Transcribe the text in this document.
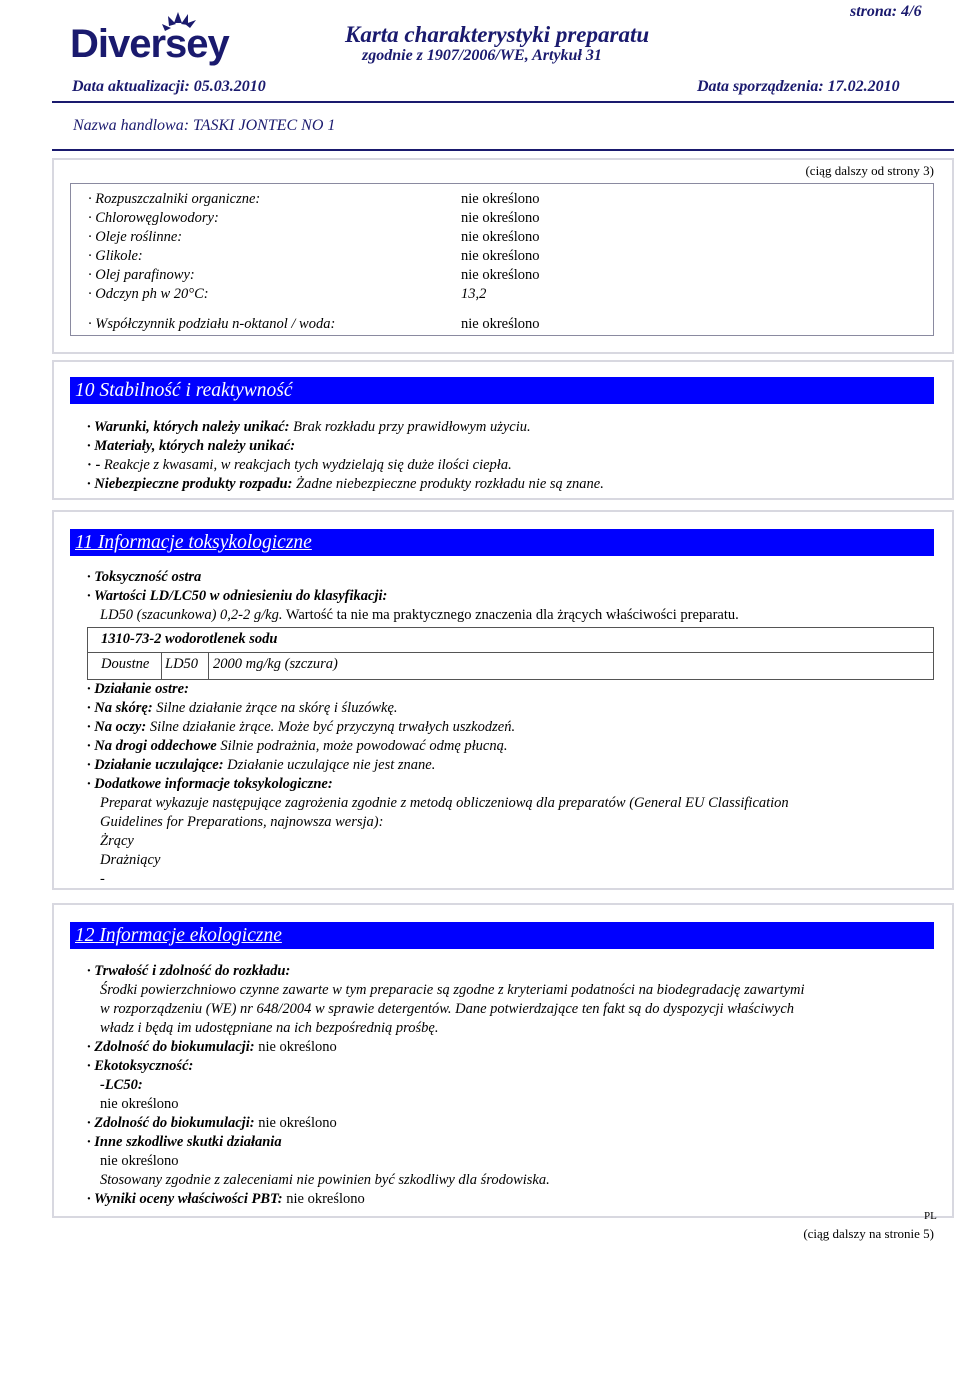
Diversey	Karta charakterystyki preparatu
zgodnie z 1907/2006/WE, Artykuł 31
strona: 4/6
Data aktualizacji: 05.03.2010	Data sporządzenia: 17.02.2010
Nazwa handlowa: TASKI JONTEC NO 1
(ciąg dalszy od strony 3)
· Rozpuszczalniki organiczne:	nie określono
· Chlorowęglowodory:	nie określono
· Oleje roślinne:	nie określono
· Glikole:	nie określono
· Olej parafinowy:	nie określono
· Odczyn ph w 20°C:	13,2
· Współczynnik podziału n-oktanol / woda:	nie określono
10 Stabilność i reaktywność
· Warunki, których należy unikać: Brak rozkładu przy prawidłowym użyciu.
· Materiały, których należy unikać:
· - Reakcje z kwasami, w reakcjach tych wydzielają się duże ilości ciepła.
· Niebezpieczne produkty rozpadu: Żadne niebezpieczne produkty rozkładu nie są znane.
11 Informacje toksykologiczne
· Toksyczność ostra
· Wartości LD/LC50 w odniesieniu do klasyfikacji:
LD50 (szacunkowa) 0,2-2 g/kg. Wartość ta nie ma praktycznego znaczenia dla żrących właściwości preparatu.
1310-73-2 wodorotlenek sodu
Doustne LD50 2000 mg/kg (szczura)
· Działanie ostre:
· Na skórę: Silne działanie żrące na skórę i śluzówkę.
· Na oczy: Silne działanie żrące. Może być przyczyną trwałych uszkodzeń.
· Na drogi oddechowe Silnie podrażnia, może powodować odmę płucną.
· Działanie uczulające: Działanie uczulające nie jest znane.
· Dodatkowe informacje toksykologiczne:
Preparat wykazuje następujące zagrożenia zgodnie z metodą obliczeniową dla preparatów (General EU Classification
Guidelines for Preparations, najnowsza wersja):
Żrący
Drażniący
-
12 Informacje ekologiczne
· Trwałość i zdolność do rozkładu:
Środki powierzchniowo czynne zawarte w tym preparacie są zgodne z kryteriami podatności na biodegradację zawartymi
w rozporządzeniu (WE) nr 648/2004 w sprawie detergentów. Dane potwierdzające ten fakt są do dyspozycji właściwych
władz i będą im udostępniane na ich bezpośrednią prośbę.
· Zdolność do biokumulacji: nie określono
· Ekotoksyczność:
-LC50:
nie określono
· Zdolność do biokumulacji: nie określono
· Inne szkodliwe skutki działania
nie określono
Stosowany zgodnie z zaleceniami nie powinien być szkodliwy dla środowiska.
· Wyniki oceny właściwości PBT: nie określono
PL
(ciąg dalszy na stronie 5)
